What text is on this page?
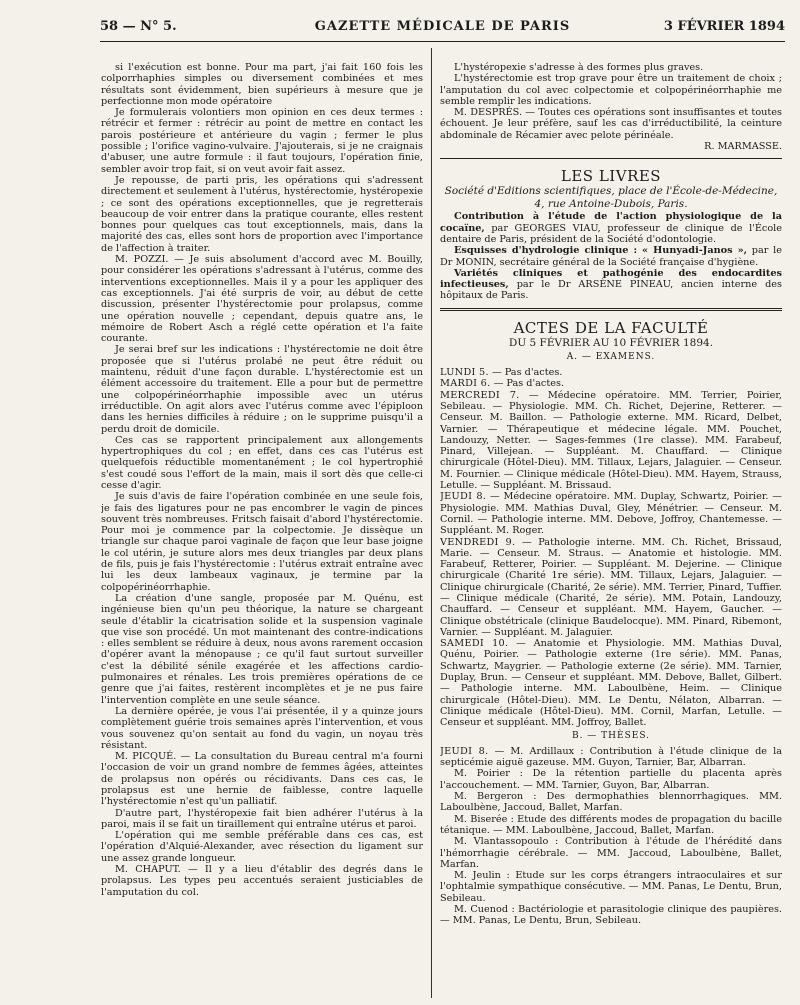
GAZETTE MÉDICALE DE PARIS
58 — N° 5.	3 FÉVRIER 1894

si l'exécution est bonne. Pour ma part, j'ai fait 160 fois les colporrhaphies simples ou diversement combinées et mes résultats sont évidemment, bien supérieurs à mesure que je perfectionne mon mode opératoire

Je formulerais volontiers mon opinion en ces deux termes : rétrécir et fermer : rétrécir au point de mettre en contact les parois postérieure et antérieure du vagin ; fermer le plus possible ; l'orifice vagino-vulvaire. J'ajouterais, si je ne craignais d'abuser, une autre formule : il faut toujours, l'opération finie, sembler avoir trop fait, si on veut avoir fait assez.

Je repousse, de parti pris, les opérations qui s'adressent directement et seulement à l'utérus, hystérectomie, hystéropexie ; ce sont des opérations exceptionnelles, que je regretterais beaucoup de voir entrer dans la pratique courante, elles restent bonnes pour quelques cas tout exceptionnels, mais, dans la majorité des cas, elles sont hors de proportion avec l'importance de l'affection à traiter.

M. POZZI. — Je suis absolument d'accord avec M. Bouilly, pour considérer les opérations s'adressant à l'utérus, comme des interventions exceptionnelles. Mais il y a pour les appliquer des cas exceptionnels. J'ai été surpris de voir, au début de cette discussion, présenter l'hystérectomie pour prolapsus, comme une opération nouvelle ; cependant, depuis quatre ans, le mémoire de Robert Asch a réglé cette opération et l'a faite courante.

Je serai bref sur les indications : l'hystérectomie ne doit être proposée que si l'utérus prolabé ne peut être réduit ou maintenu, réduit d'une façon durable. L'hystérectomie est un élément accessoire du traitement. Elle a pour but de permettre une colpopérinéorrhaphie impossible avec un utérus irréductible. On agit alors avec l'utérus comme avec l'épiploon dans les hernies difficiles à réduire ; on le supprime puisqu'il a perdu droit de domicile.

Ces cas se rapportent principalement aux allongements hypertrophiques du col ; en effet, dans ces cas l'utérus est quelquefois réductible momentanément ; le col hypertrophié s'est coudé sous l'effort de la main, mais il sort dès que celle-ci cesse d'agir.

Je suis d'avis de faire l'opération combinée en une seule fois, je fais des ligatures pour ne pas encombrer le vagin de pinces souvent très nombreuses. Fritsch faisait d'abord l'hystérectomie. Pour moi je commence par la colpectomie. Je dissèque un triangle sur chaque paroi vaginale de façon que leur base joigne le col utérin, je suture alors mes deux triangles par deux plans de fils, puis je fais l'hystérectomie : l'utérus extrait entraîne avec lui les deux lambeaux vaginaux, je termine par la colpopérinéorrhaphie.

La création d'une sangle, proposée par M. Quénu, est ingénieuse bien qu'un peu théorique, la nature se chargeant seule d'établir la cicatrisation solide et la suspension vaginale que vise son procédé. Un mot maintenant des contre-indications : elles semblent se réduire à deux, nous avons rarement occasion d'opérer avant la ménopause ; ce qu'il faut surtout surveiller c'est la débilité sénile exagérée et les affections cardio-pulmonaires et rénales. Les trois premières opérations de ce genre que j'ai faites, restèrent incomplètes et je ne pus faire l'intervention complète en une seule séance.

La dernière opérée, je vous l'ai présentée, il y a quinze jours complètement guérie trois semaines après l'intervention, et vous vous souvenez qu'on sentait au fond du vagin, un noyau très résistant.

M. PICQUÉ. — La consultation du Bureau central m'a fourni l'occasion de voir un grand nombre de femmes âgées, atteintes de prolapsus non opérés ou récidivants. Dans ces cas, le prolapsus est une hernie de faiblesse, contre laquelle l'hystérectomie n'est qu'un palliatif.

D'autre part, l'hystéropexie fait bien adhérer l'utérus à la paroi, mais il se fait un tiraillement qui entraîne utérus et paroi.

L'opération qui me semble préférable dans ces cas, est l'opération d'Alquié-Alexander, avec résection du ligament sur une assez grande longueur.

M. CHAPUT. — Il y a lieu d'établir des degrés dans le prolapsus. Les types peu accentués seraient justiciables de l'amputation du col.

L'hystéropexie s'adresse à des formes plus graves.

L'hystérectomie est trop grave pour être un traitement de choix ; l'amputation du col avec colpectomie et colpopérinéorrhaphie me semble remplir les indications.

M. DESPRÉS. — Toutes ces opérations sont insuffisantes et toutes échouent. Je leur préfère, sauf les cas d'irréductibilité, la ceinture abdominale de Récamier avec pelote périnéale.

R. MARMASSE.

LES LIVRES
Société d'Editions scientifiques, place de l'École-de-Médecine, 4, rue Antoine-Dubois, Paris.

Contribution à l'étude de l'action physiologique de la cocaïne, par GEORGES VIAU, professeur de clinique de l'École dentaire de Paris, président de la Société d'odontologie.

Esquisses d'hydrologie clinique : « Hunyadi-Janos », par le Dr MONIN, secrétaire général de la Société française d'hygiène.

Variétés cliniques et pathogénie des endocardites infectieuses, par le Dr ARSÈNE PINEAU, ancien interne des hôpitaux de Paris.

ACTES DE LA FACULTÉ
DU 5 FÉVRIER AU 10 FÉVRIER 1894.
A. — EXAMENS.

LUNDI 5. — Pas d'actes.

MARDI 6. — Pas d'actes.

MERCREDI 7. — Médecine opératoire. MM. Terrier, Poirier, Sebileau. — Physiologie. MM. Ch. Richet, Dejerine, Retterer. — Censeur. M. Baillon. — Pathologie externe. MM. Ricard, Delbet, Varnier. — Thérapeutique et médecine légale. MM. Pouchet, Landouzy, Netter. — Sages-femmes (1re classe). MM. Farabeuf, Pinard, Villejean. — Suppléant. M. Chauffard. — Clinique chirurgicale (Hôtel-Dieu). MM. Tillaux, Lejars, Jalaguier. — Censeur. M. Fournier. — Clinique médicale (Hôtel-Dieu). MM. Hayem, Strauss, Letulle. — Suppléant. M. Brissaud.

JEUDI 8. — Médecine opératoire. MM. Duplay, Schwartz, Poirier. — Physiologie. MM. Mathias Duval, Gley, Ménétrier. — Censeur. M. Cornil. — Pathologie interne. MM. Debove, Joffroy, Chantemesse. — Suppléant. M. Roger.

VENDREDI 9. — Pathologie interne. MM. Ch. Richet, Brissaud, Marie. — Censeur. M. Straus. — Anatomie et histologie. MM. Farabeuf, Retterer, Poirier. — Suppléant. M. Dejerine. — Clinique chirurgicale (Charité 1re série). MM. Tillaux, Lejars, Jalaguier. — Clinique chirurgicale (Charité, 2e série). MM. Terrier, Pinard, Tuffier. — Clinique médicale (Charité, 2e série). MM. Potain, Landouzy, Chauffard. — Censeur et suppléant. MM. Hayem, Gaucher. — Clinique obstétricale (clinique Baudelocque). MM. Pinard, Ribemont, Varnier. — Suppléant. M. Jalaguier.

SAMEDI 10. — Anatomie et Physiologie. MM. Mathias Duval, Quénu, Poirier. — Pathologie externe (1re série). MM. Panas, Schwartz, Maygrier. — Pathologie externe (2e série). MM. Tarnier, Duplay, Brun. — Censeur et suppléant. MM. Debove, Ballet, Gilbert. — Pathologie interne. MM. Laboulbène, Heim. — Clinique chirurgicale (Hôtel-Dieu). MM. Le Dentu, Nélaton, Albarran. — Clinique médicale (Hôtel-Dieu). MM. Cornil, Marfan, Letulle. — Censeur et suppléant. MM. Joffroy, Ballet.

B. — THÈSES.

JEUDI 8. — M. Ardillaux : Contribution à l'étude clinique de la septicémie aiguë gazeuse. MM. Guyon, Tarnier, Bar, Albarran.

M. Poirier : De la rétention partielle du placenta après l'accouchement. — MM. Tarnier, Guyon, Bar, Albarran.

M. Bergeron : Des dermophathies blennorrhagiques. MM. Laboulbène, Jaccoud, Ballet, Marfan.

M. Biserée : Etude des différents modes de propagation du bacille tétanique. — MM. Laboulbène, Jaccoud, Ballet, Marfan.

M. Vlantassopoulo : Contribution à l'étude de l'hérédité dans l'hémorrhagie cérébrale. — MM. Jaccoud, Laboulbène, Ballet, Marfan.

M. Jeulin : Etude sur les corps étrangers intraoculaires et sur l'ophtalmie sympathique consécutive. — MM. Panas, Le Dentu, Brun, Sebileau.

M. Cuenod : Bactériologie et parasitologie clinique des paupières. — MM. Panas, Le Dentu, Brun, Sebileau.
